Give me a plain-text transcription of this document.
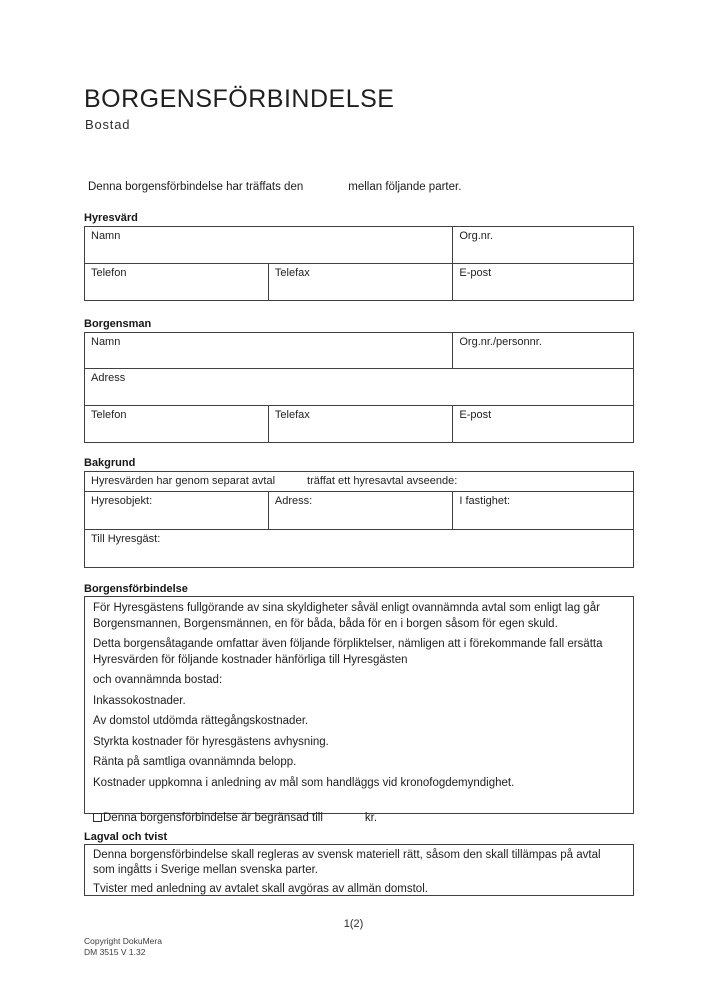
BORGENSFÖRBINDELSE
Bostad
Denna borgensförbindelse har träffats den	mellan följande parter.
Hyresvärd
Namn		Org.nr.
Telefon	Telefax	E-post
Borgensman
Namn		Org.nr./personnr.
Adress		
Telefon	Telefax	E-post
Bakgrund
Hyresvärden har genom separat avtal	träffat ett hyresavtal avseende:
Hyresobjekt:	Adress:	I fastighet:
Till Hyresgäst:
Borgensförbindelse

För Hyresgästens fullgörande av sina skyldigheter såväl enligt ovannämnda avtal som enligt lag går Borgensmannen, Borgensmännen, en för båda, båda för en i borgen såsom för egen skuld.

Detta borgensåtagande omfattar även följande förpliktelser, nämligen att i förekommande fall ersätta Hyresvärden för följande kostnader hänförliga till Hyresgästen

och ovannämnda bostad:

Inkassokostnader.

Av domstol utdömda rättegångskostnader.

Styrkta kostnader för hyresgästens avhysning.

Ränta på samtliga ovannämnda belopp.

Kostnader uppkomna i anledning av mål som handläggs vid kronofogdemyndighet.

Denna borgensförbindelse är begränsad till	kr.
Lagval och tvist

Denna borgensförbindelse skall regleras av svensk materiell rätt, såsom den skall tillämpas på avtal som ingåtts i Sverige mellan svenska parter.

Tvister med anledning av avtalet skall avgöras av allmän domstol.

1(2)
Copyright DokuMera
DM 3515 V 1.32
